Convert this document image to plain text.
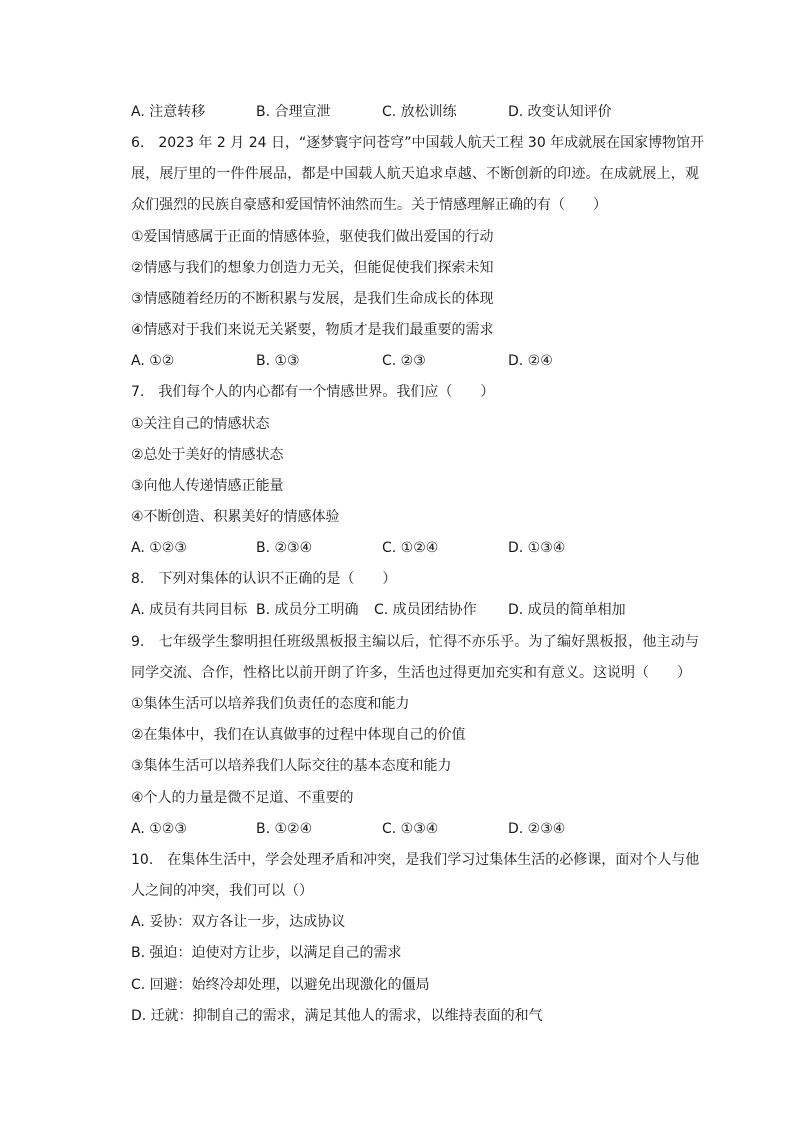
A. 注意转移	B. 合理宣泄	C. 放松训练	D. 改变认知评价
6.　2023 年 2 月 24 日，“逐梦寰宇问苍穹”中国载人航天工程 30 年成就展在国家博物馆开
展，展厅里的一件件展品，都是中国载人航天追求卓越、不断创新的印迹。在成就展上，观
众们强烈的民族自豪感和爱国情怀油然而生。关于情感理解正确的有（　　）
①爱国情感属于正面的情感体验，驱使我们做出爱国的行动
②情感与我们的想象力创造力无关，但能促使我们探索未知
③情感随着经历的不断积累与发展，是我们生命成长的体现
④情感对于我们来说无关紧要，物质才是我们最重要的需求
A. ①②	B. ①③	C. ②③	D. ②④
7.　我们每个人的内心都有一个情感世界。我们应（　　）
①关注自己的情感状态
②总处于美好的情感状态
③向他人传递情感正能量
④不断创造、积累美好的情感体验
A. ①②③	B. ②③④	C. ①②④	D. ①③④
8.　下列对集体的认识不正确的是（　　）
A. 成员有共同目标 B. 成员分工明确 C. 成员团结协作 D. 成员的简单相加
9.　七年级学生黎明担任班级黑板报主编以后，忙得不亦乐乎。为了编好黑板报，他主动与
同学交流、合作，性格比以前开朗了许多，生活也过得更加充实和有意义。这说明（　　）
①集体生活可以培养我们负责任的态度和能力
②在集体中，我们在认真做事的过程中体现自己的价值
③集体生活可以培养我们人际交往的基本态度和能力
④个人的力量是微不足道、不重要的
A. ①②③	B. ①②④	C. ①③④	D. ②③④
10.　在集体生活中，学会处理矛盾和冲突，是我们学习过集体生活的必修课，面对个人与他
人之间的冲突，我们可以（）
A. 妥协：双方各让一步，达成协议
B. 强迫：迫使对方让步，以满足自己的需求
C. 回避：始终冷却处理，以避免出现激化的僵局
D. 迁就：抑制自己的需求，满足其他人的需求，以维持表面的和气
